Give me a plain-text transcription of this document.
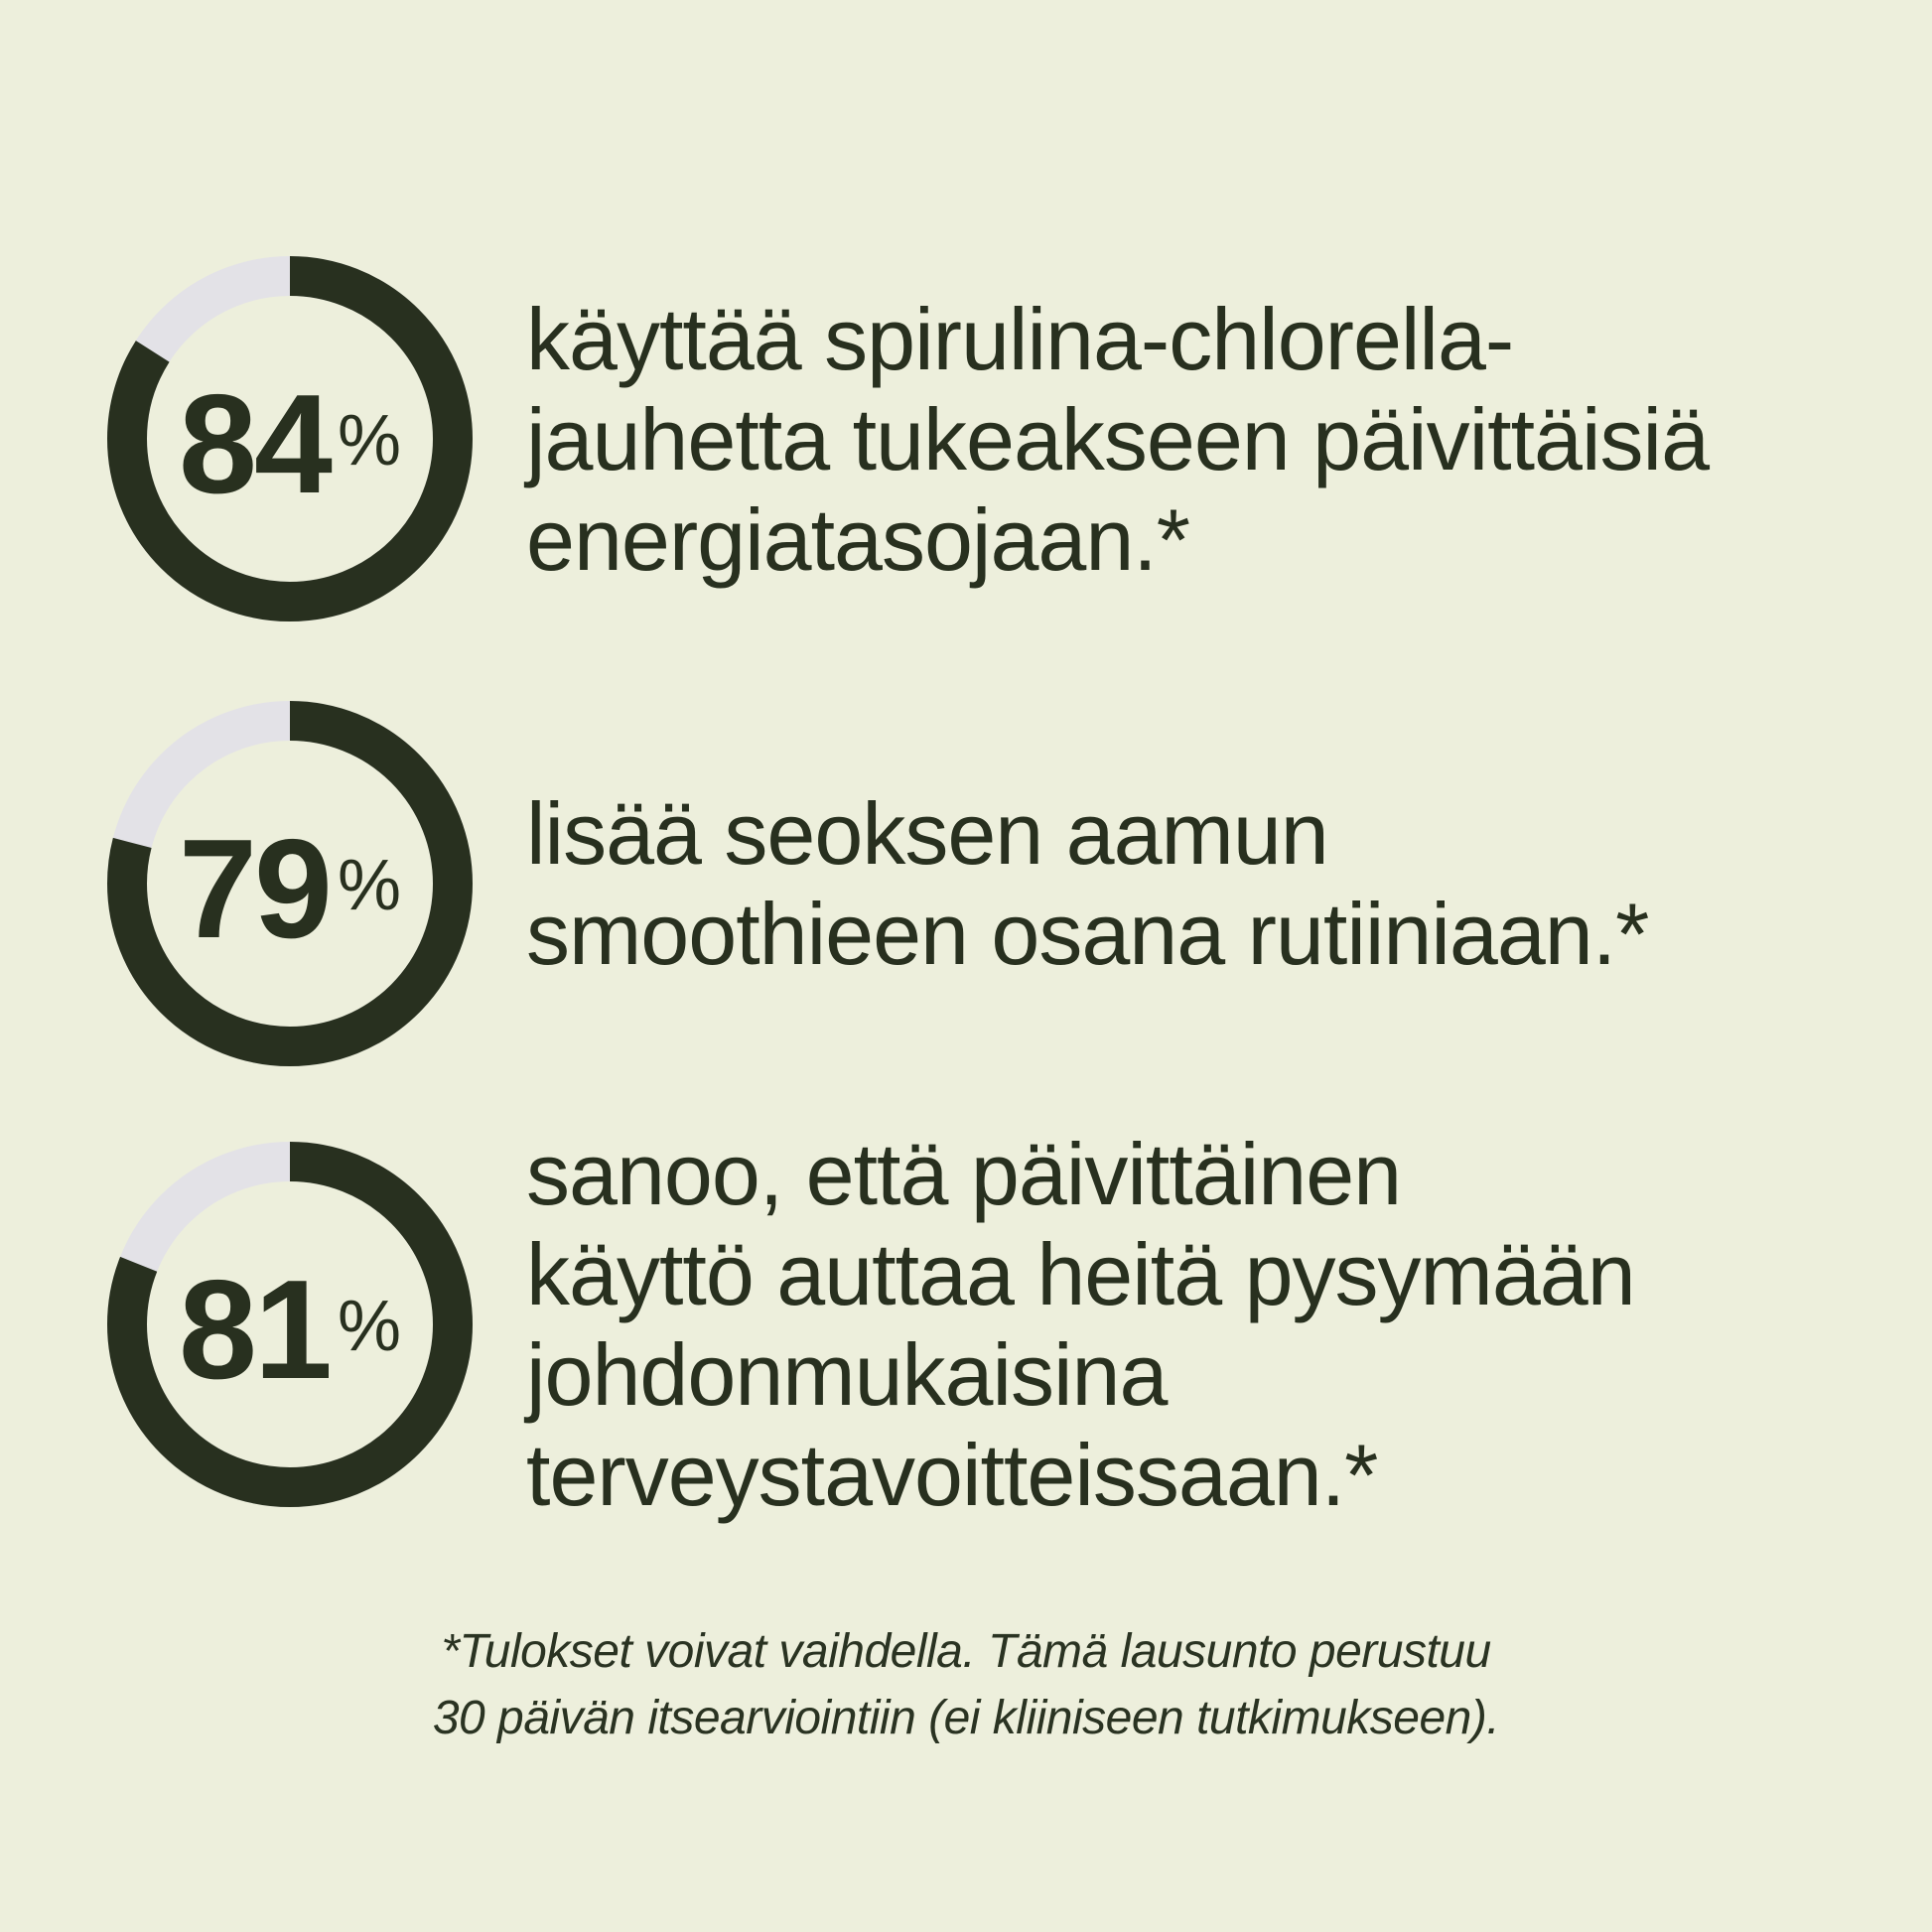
84 %
käyttää spirulina-chlorella-
jauhetta tukeakseen päivittäisiä
energiatasojaan.*
79 %
lisää seoksen aamun
smoothieen osana rutiiniaan.*
81 %
sanoo, että päivittäinen
käyttö auttaa heitä pysymään
johdonmukaisina
terveystavoitteissaan.*
*Tulokset voivat vaihdella. Tämä lausunto perustuu
30 päivän itsearviointiin (ei kliiniseen tutkimukseen).
